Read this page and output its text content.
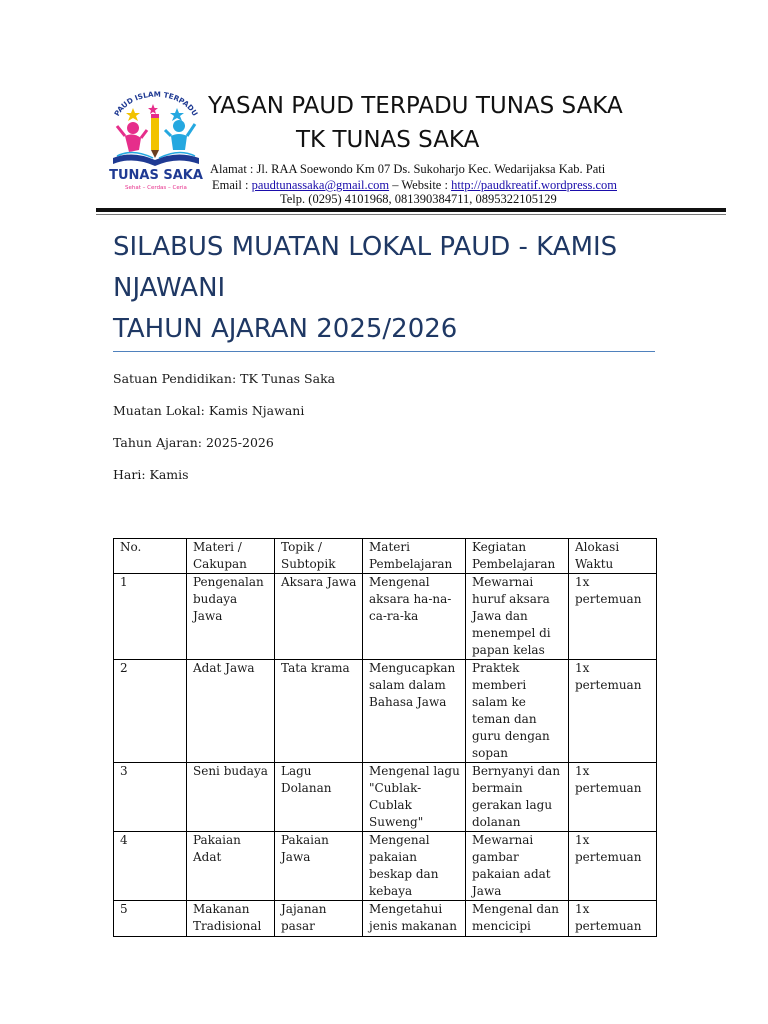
PAUD ISLAM TERPADU
TUNAS SAKA
Sehat – Cerdas – Ceria
YASAN PAUD TERPADU TUNAS SAKA
TK TUNAS SAKA
Alamat : Jl. RAA Soewondo Km 07 Ds. Sukoharjo Kec. Wedarijaksa Kab. Pati
Email : paudtunassaka@gmail.com – Website : http://paudkreatif.wordpress.com
Telp. (0295) 4101968, 081390384711, 0895322105129
SILABUS MUATAN LOKAL PAUD - KAMIS
NJAWANI
TAHUN AJARAN 2025/2026
Satuan Pendidikan: TK Tunas Saka
Muatan Lokal: Kamis Njawani
Tahun Ajaran: 2025-2026
Hari: Kamis
No.	Materi / Cakupan	Topik / Subtopik	Materi Pembelajaran	Kegiatan Pembelajaran	Alokasi Waktu
1	Pengenalan budaya Jawa	Aksara Jawa	Mengenal aksara ha-na-ca-ra-ka	Mewarnai huruf aksara Jawa dan menempel di papan kelas	1x pertemuan
2	Adat Jawa	Tata krama	Mengucapkan salam dalam Bahasa Jawa	Praktek memberi salam ke teman dan guru dengan sopan	1x pertemuan
3	Seni budaya	Lagu Dolanan	Mengenal lagu "Cublak-Cublak Suweng"	Bernyanyi dan bermain gerakan lagu dolanan	1x pertemuan
4	Pakaian Adat	Pakaian Jawa	Mengenal pakaian beskap dan kebaya	Mewarnai gambar pakaian adat Jawa	1x pertemuan
5	Makanan Tradisional	Jajanan pasar	Mengetahui jenis makanan	Mengenal dan mencicipi	1x pertemuan
